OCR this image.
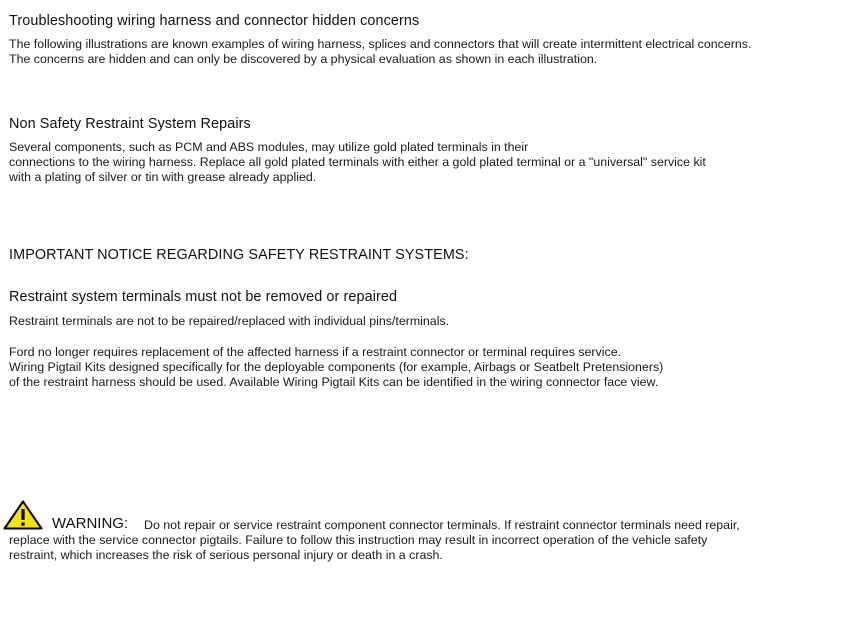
Troubleshooting wiring harness and connector hidden concerns

The following illustrations are known examples of wiring harness, splices and connectors that will create intermittent electrical concerns.
The concerns are hidden and can only be discovered by a physical evaluation as shown in each illustration.

Non Safety Restraint System Repairs

Several components, such as PCM and ABS modules, may utilize gold plated terminals in their
connections to the wiring harness. Replace all gold plated terminals with either a gold plated terminal or a "universal" service kit
with a plating of silver or tin with grease already applied.

IMPORTANT NOTICE REGARDING SAFETY RESTRAINT SYSTEMS:
Restraint system terminals must not be removed or repaired

Restraint terminals are not to be repaired/replaced with individual pins/terminals.

Ford no longer requires replacement of the affected harness if a restraint connector or terminal requires service.
Wiring Pigtail Kits designed specifically for the deployable components (for example, Airbags or Seatbelt Pretensioners)
of the restraint harness should be used. Available Wiring Pigtail Kits can be identified in the wiring connector face view.

WARNING: Do not repair or service restraint component connector terminals. If restraint connector terminals need repair,

replace with the service connector pigtails. Failure to follow this instruction may result in incorrect operation of the vehicle safety
restraint, which increases the risk of serious personal injury or death in a crash.
